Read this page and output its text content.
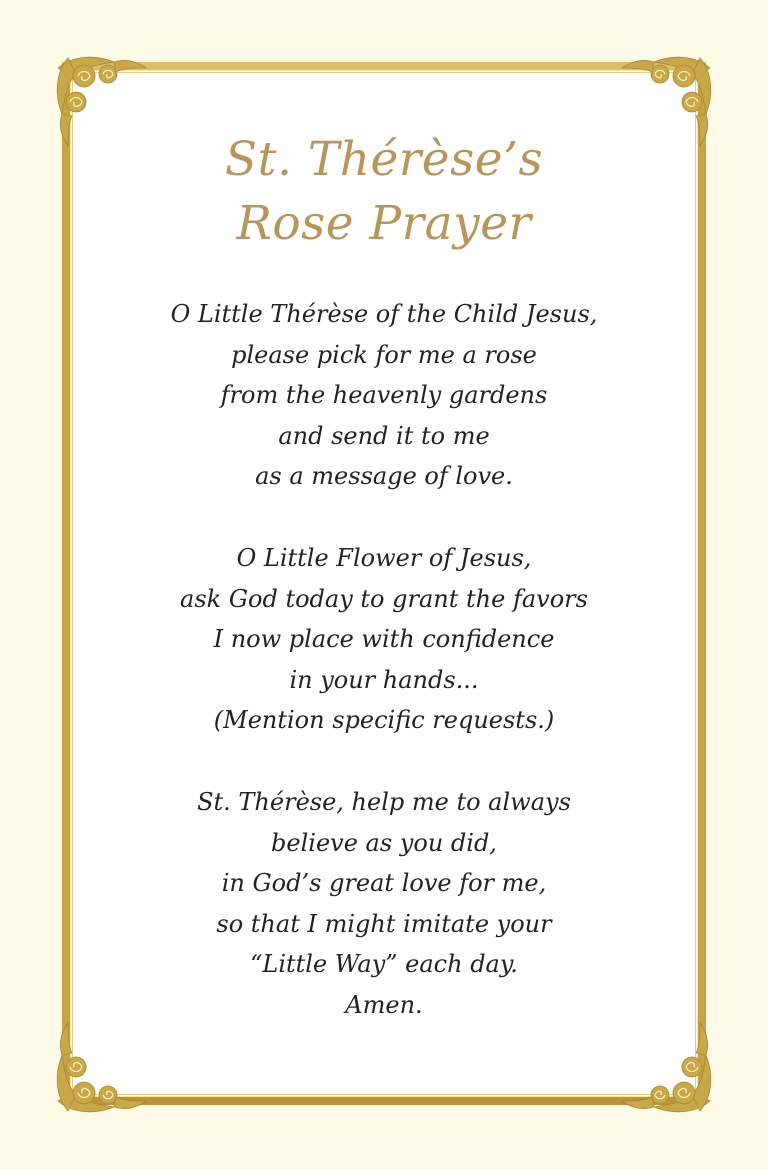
St. Thérèse’s
Rose Prayer

O Little Thérèse of the Child Jesus,
please pick for me a rose
from the heavenly gardens
and send it to me
as a message of love.

O Little Flower of Jesus,
ask God today to grant the favors
I now place with confidence
in your hands...
(Mention specific requests.)

St. Thérèse, help me to always
believe as you did,
in God’s great love for me,
so that I might imitate your
“Little Way” each day.
Amen.
